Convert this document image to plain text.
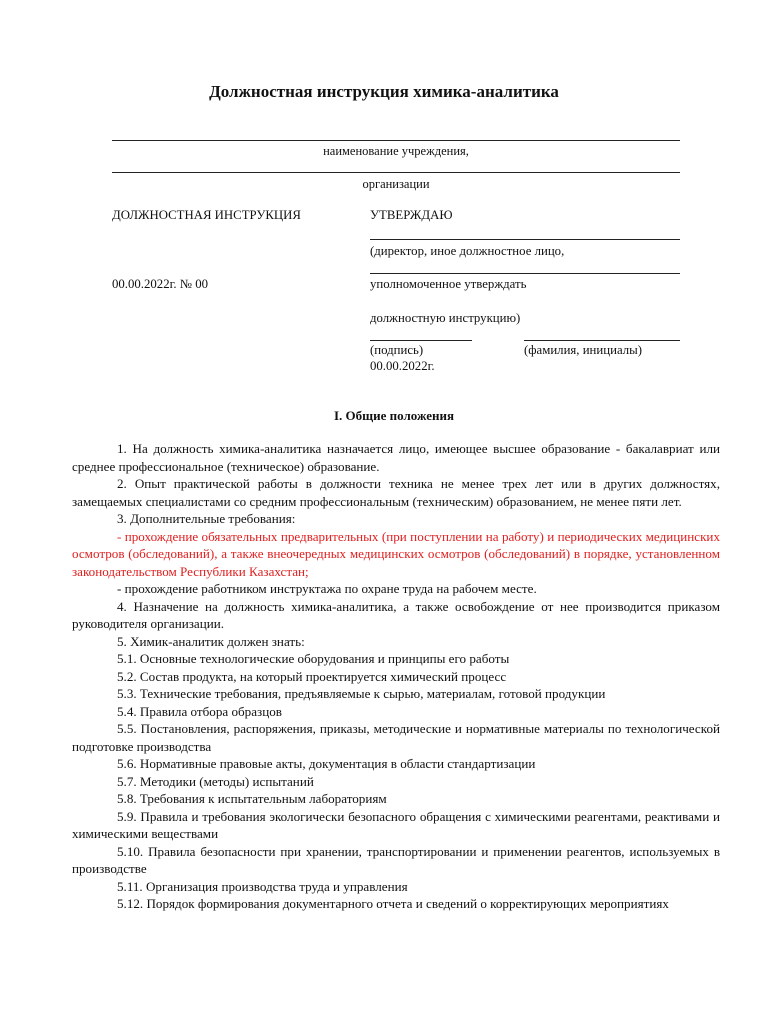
Должностная инструкция химика-аналитика
наименование учреждения,
организации
ДОЛЖНОСТНАЯ ИНСТРУКЦИЯ	УТВЕРЖДАЮ
(директор, иное должностное лицо,
00.00.2022г. № 00	уполномоченное утверждать
должностную инструкцию)
(подпись)	(фамилия, инициалы)
00.00.2022г.
I. Общие положения

1. На должность химика-аналитика назначается лицо, имеющее высшее образование - бакалавриат или среднее профессиональное (техническое) образование.

2. Опыт практической работы в должности техника не менее трех лет или в других должностях, замещаемых специалистами со средним профессиональным (техническим) образованием, не менее пяти лет.

3. Дополнительные требования:

- прохождение обязательных предварительных (при поступлении на работу) и периодических медицинских осмотров (обследований), а также внеочередных медицинских осмотров (обследований) в порядке, установленном законодательством Республики Казахстан;

- прохождение работником инструктажа по охране труда на рабочем месте.

4. Назначение на должность химика-аналитика, а также освобождение от нее производится приказом руководителя организации.

5. Химик-аналитик должен знать:

5.1. Основные технологические оборудования и принципы его работы

5.2. Состав продукта, на который проектируется химический процесс

5.3. Технические требования, предъявляемые к сырью, материалам, готовой продукции

5.4. Правила отбора образцов

5.5. Постановления, распоряжения, приказы, методические и нормативные материалы по технологической подготовке производства

5.6. Нормативные правовые акты, документация в области стандартизации

5.7. Методики (методы) испытаний

5.8. Требования к испытательным лабораториям

5.9. Правила и требования экологически безопасного обращения с химическими реагентами, реактивами и химическими веществами

5.10. Правила безопасности при хранении, транспортировании и применении реагентов, используемых в производстве

5.11. Организация производства труда и управления

5.12. Порядок формирования документарного отчета и сведений о корректирующих мероприятиях
